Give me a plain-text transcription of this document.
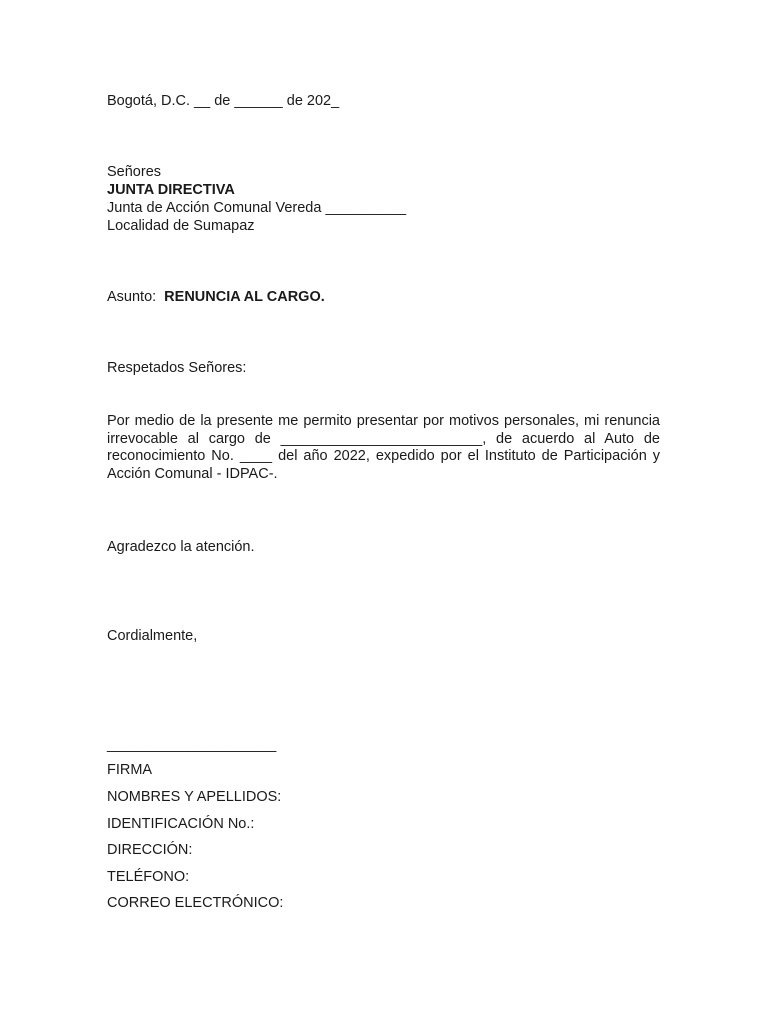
Bogotá, D.C. __ de ______ de 202_
Señores
JUNTA DIRECTIVA
Junta de Acción Comunal Vereda __________
Localidad de Sumapaz
Asunto: RENUNCIA AL CARGO.
Respetados Señores:
Por medio de la presente me permito presentar por motivos personales, mi renuncia irrevocable al cargo de _________________________, de acuerdo al Auto de reconocimiento No. ____ del año 2022, expedido por el Instituto de Participación y Acción Comunal - IDPAC-.
Agradezco la atención.
Cordialmente,
_____________________
FIRMA
NOMBRES Y APELLIDOS:
IDENTIFICACIÓN No.:
DIRECCIÓN:
TELÉFONO:
CORREO ELECTRÓNICO:
